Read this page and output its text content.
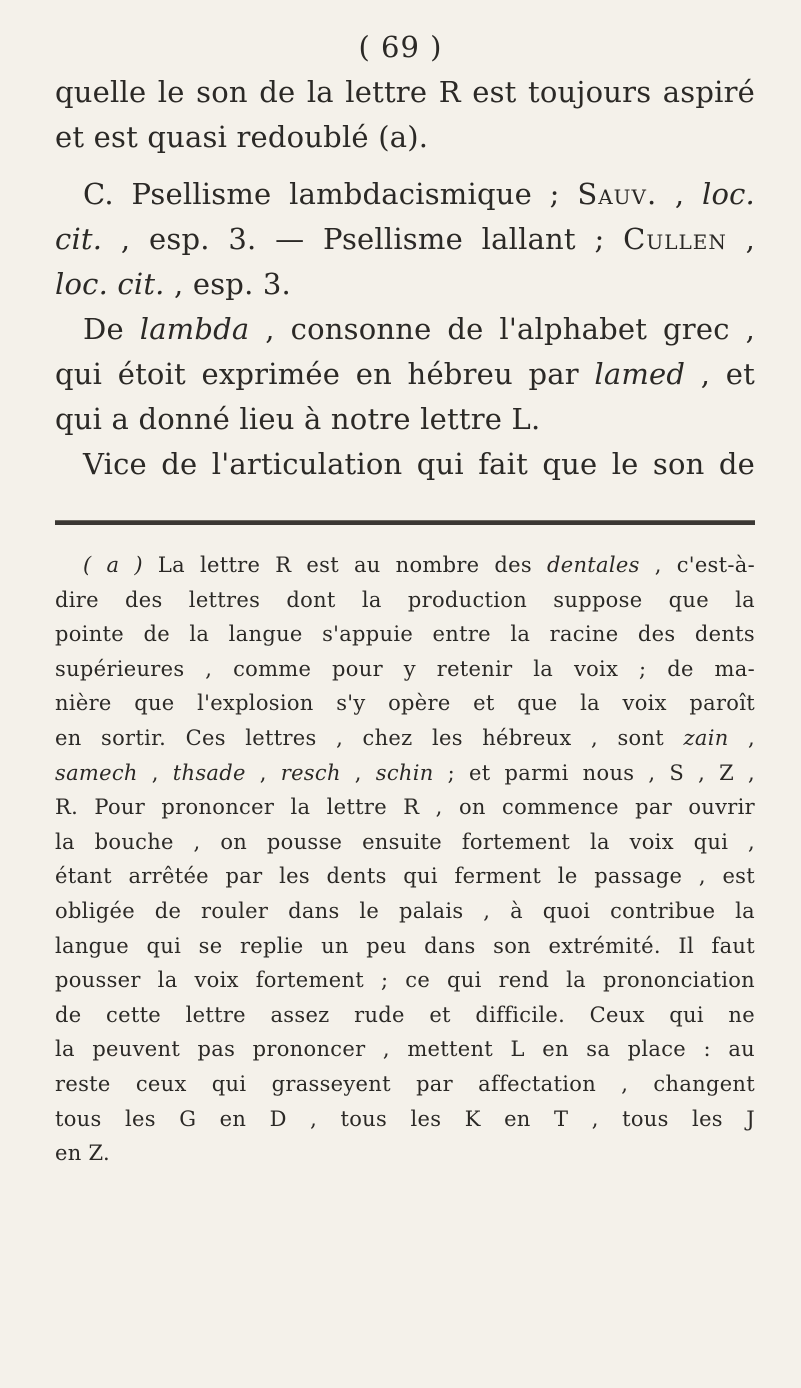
( 69 )
quelle le son de la lettre R est toujours aspiré
et est quasi redoublé (a).
C. Psellisme lambdacismique ; Sauv. , loc.
cit. , esp. 3. — Psellisme lallant ; Cullen ,
loc. cit. , esp. 3.
De lambda , consonne de l'alphabet grec ,
qui étoit exprimée en hébreu par lamed , et
qui a donné lieu à notre lettre L.
Vice de l'articulation qui fait que le son de
( a ) La lettre R est au nombre des dentales , c'est-à-
dire des lettres dont la production suppose que la
pointe de la langue s'appuie entre la racine des dents
supérieures , comme pour y retenir la voix ; de ma-
nière que l'explosion s'y opère et que la voix paroît
en sortir. Ces lettres , chez les hébreux , sont zain ,
samech , thsade , resch , schin ; et parmi nous , S , Z ,
R. Pour prononcer la lettre R , on commence par ouvrir
la bouche , on pousse ensuite fortement la voix qui ,
étant arrêtée par les dents qui ferment le passage , est
obligée de rouler dans le palais , à quoi contribue la
langue qui se replie un peu dans son extrémité. Il faut
pousser la voix fortement ; ce qui rend la prononciation
de cette lettre assez rude et difficile. Ceux qui ne
la peuvent pas prononcer , mettent L en sa place : au
reste ceux qui grasseyent par affectation , changent
tous les G en D , tous les K en T , tous les J
en Z.
